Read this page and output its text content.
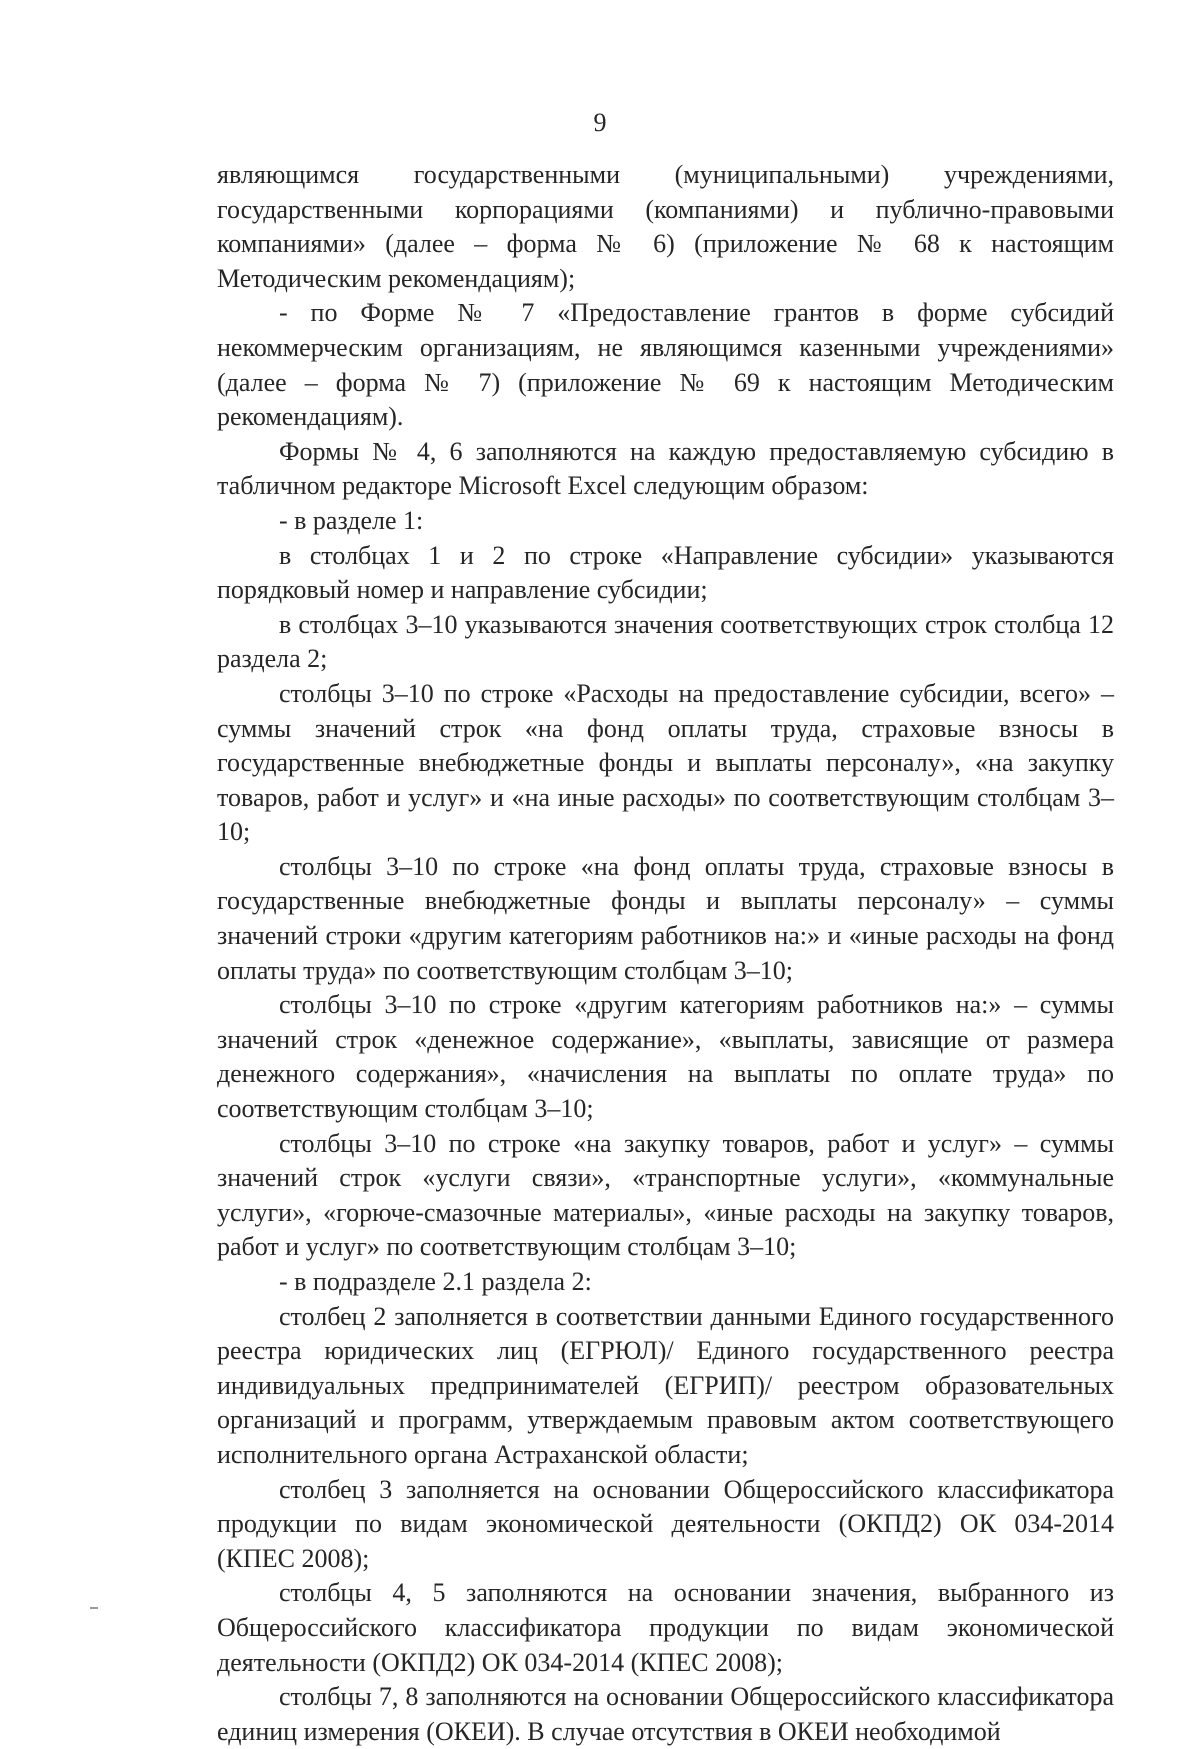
9

являющимся государственными (муниципальными) учреждениями, государственными корпорациями (компаниями) и публично-правовыми компаниями» (далее – форма № 6) (приложение № 68 к настоящим Методическим рекомендациям);

- по Форме № 7 «Предоставление грантов в форме субсидий некоммерческим организациям, не являющимся казенными учреждениями» (далее – форма № 7) (приложение № 69 к настоящим Методическим рекомендациям).

Формы № 4, 6 заполняются на каждую предоставляемую субсидию в табличном редакторе Microsoft Excel следующим образом:

- в разделе 1:

в столбцах 1 и 2 по строке «Направление субсидии» указываются порядковый номер и направление субсидии;

в столбцах 3–10 указываются значения соответствующих строк столбца 12 раздела 2;

столбцы 3–10 по строке «Расходы на предоставление субсидии, всего» – суммы значений строк «на фонд оплаты труда, страховые взносы в государственные внебюджетные фонды и выплаты персоналу», «на закупку товаров, работ и услуг» и «на иные расходы» по соответствующим столбцам 3–10;

столбцы 3–10 по строке «на фонд оплаты труда, страховые взносы в государственные внебюджетные фонды и выплаты персоналу» – суммы значений строки «другим категориям работников на:» и «иные расходы на фонд оплаты труда» по соответствующим столбцам 3–10;

столбцы 3–10 по строке «другим категориям работников на:» – суммы значений строк «денежное содержание», «выплаты, зависящие от размера денежного содержания», «начисления на выплаты по оплате труда» по соответствующим столбцам 3–10;

столбцы 3–10 по строке «на закупку товаров, работ и услуг» – суммы значений строк «услуги связи», «транспортные услуги», «коммунальные услуги», «горюче-смазочные материалы», «иные расходы на закупку товаров, работ и услуг» по соответствующим столбцам 3–10;

- в подразделе 2.1 раздела 2:

столбец 2 заполняется в соответствии данными Единого государственного реестра юридических лиц (ЕГРЮЛ)/ Единого государственного реестра индивидуальных предпринимателей (ЕГРИП)/ реестром образовательных организаций и программ, утверждаемым правовым актом соответствующего исполнительного органа Астраханской области;

столбец 3 заполняется на основании Общероссийского классификатора продукции по видам экономической деятельности (ОКПД2) ОК 034-2014 (КПЕС 2008);

столбцы 4, 5 заполняются на основании значения, выбранного из Общероссийского классификатора продукции по видам экономической деятельности (ОКПД2) ОК 034-2014 (КПЕС 2008);

столбцы 7, 8 заполняются на основании Общероссийского классификатора единиц измерения (ОКЕИ). В случае отсутствия в ОКЕИ необходимой
